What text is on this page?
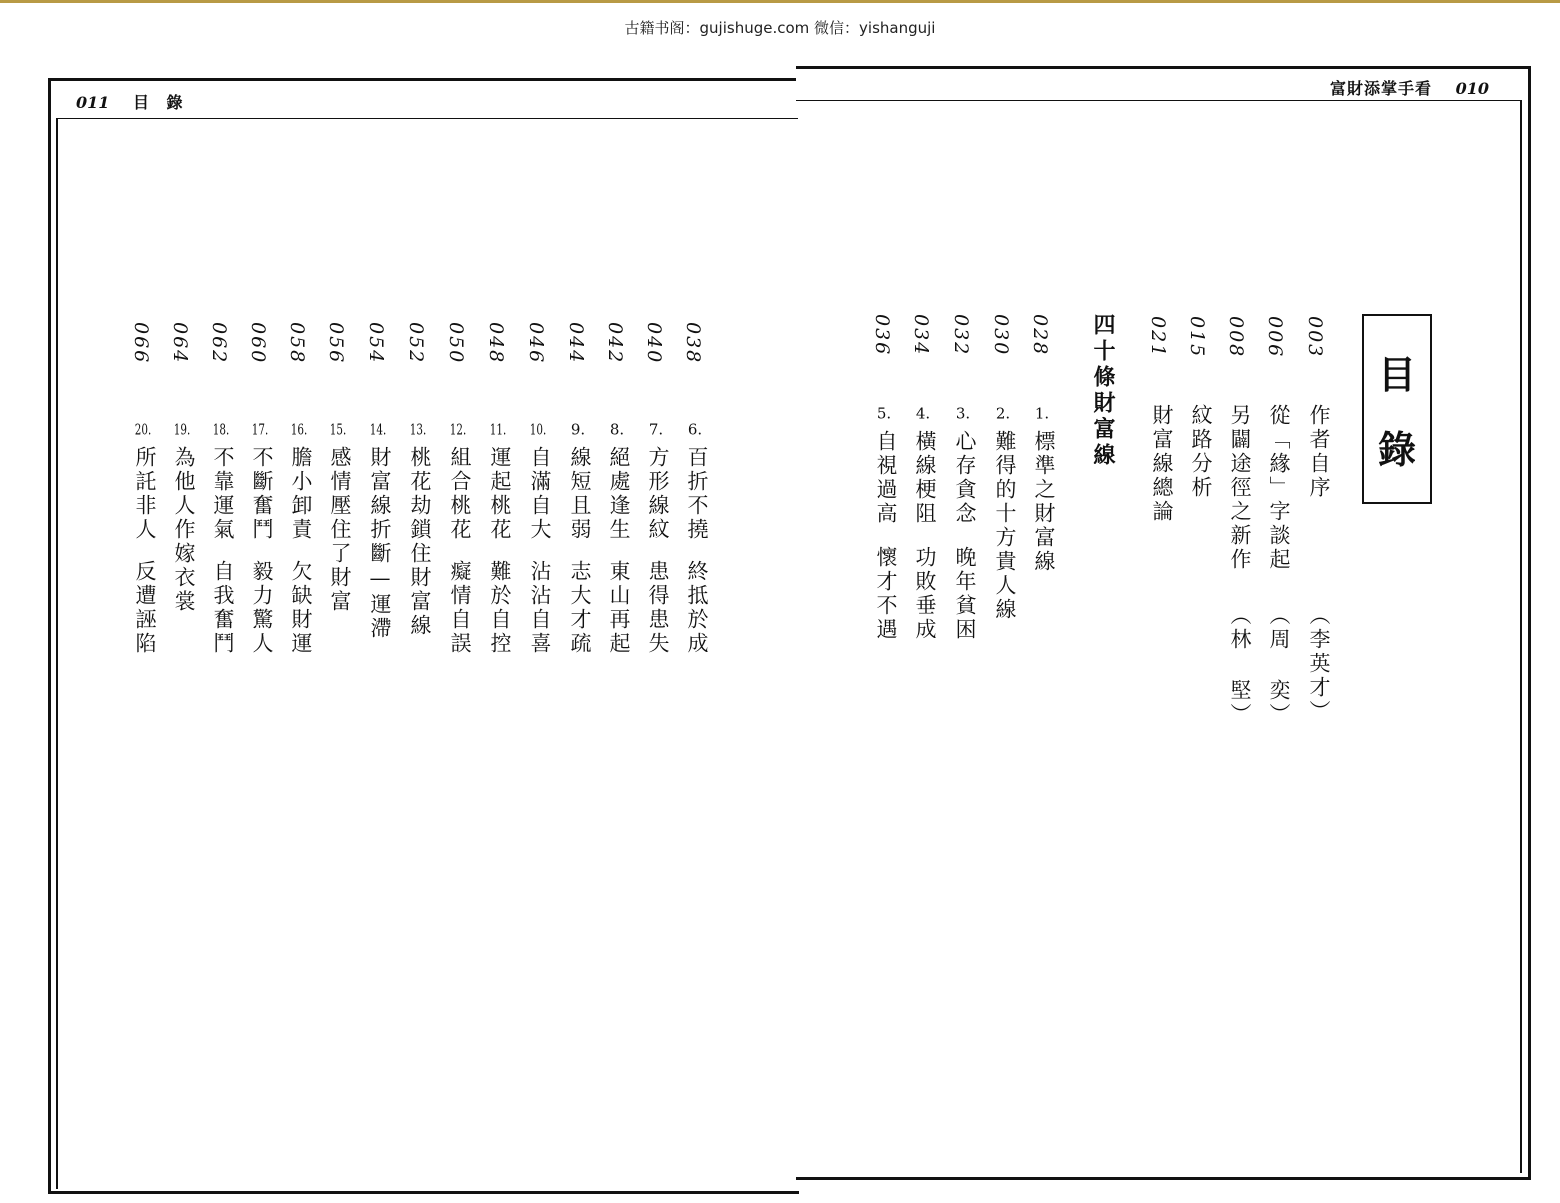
古籍书阁：gujishuge.com 微信：yishanguji
011 目 錄
富財添掌手看 010
038
6.
百折不撓
終抵於成
040
7.
方形線紋
患得患失
042
8.
絕處逢生
東山再起
044
9.
線短且弱
志大才疏
046
10.
自滿自大
沾沾自喜
048
11.
運起桃花
難於自控
050
12.
組合桃花
癡情自誤
052
13.
桃花劫鎖住財富線
054
14.
財富線折斷—運滯
056
15.
感情壓住了財富
058
16.
膽小卸責
欠缺財運
060
17.
不斷奮鬥
毅力驚人
062
18.
不靠運氣
自我奮鬥
064
19.
為他人作嫁衣裳
066
20.
所託非人
反遭誣陷
目
錄
003
作者自序
（李英才）
006
從「緣」字談起
（周 奕）
008
另闢途徑之新作
（林 堅）
015
紋路分析
021
財富線總論
四十條財富線
028
1.
標準之財富線
030
2.
難得的十方貴人線
032
3.
心存貪念
晚年貧困
034
4.
橫線梗阻
功敗垂成
036
5.
自視過高
懷才不遇
